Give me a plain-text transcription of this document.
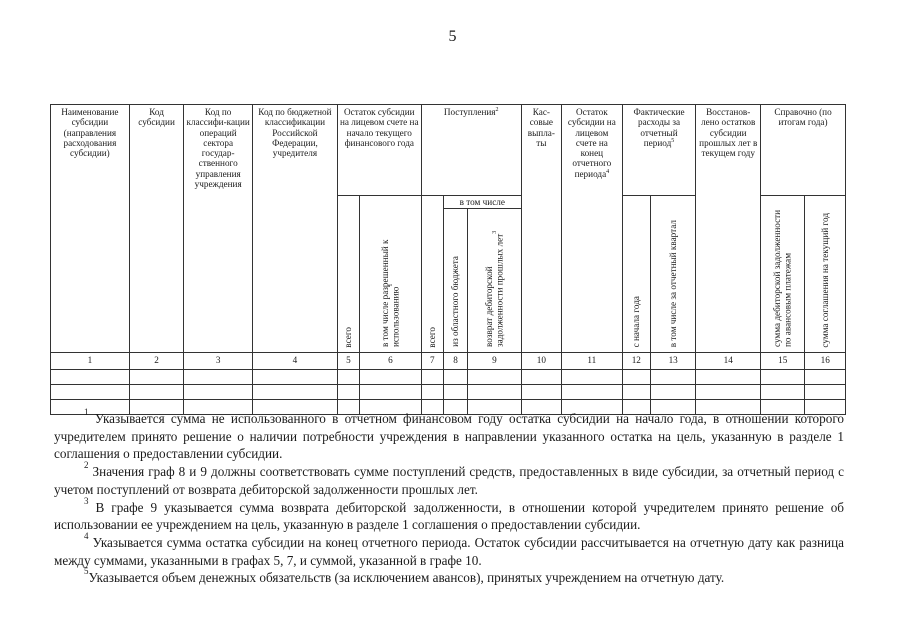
5
Наименование субсидии (направления расходования субсидии)	Код субсидии	Код по классифи-кации операций сектора государ-ственного управления учреждения	Код по бюджетной классификации Российской Федерации, учредителя	Остаток субсидии на лицевом счете на начало текущего финансового года		Поступления$^2$			Кас-совые выпла-ты	Остаток субсидии на лицевом счете на конец отчетного периода$^4$	Фактические расходы за отчетный период$^5$		Восстанов-лено остатков субсидии прошлых лет в текущем году	Справочно (по итогам года)	
				всего	в том числе разрешенный к использованию$^1$	всего	в том числе				с начала года	в том числе за отчетный квартал		сумма дебиторской задолженности по авансовым платежам	сумма соглашения на текущий год
							из областного бюджета	возврат дебиторской задолженности прошлых лет$^3$
1	2	3	4	5	6	7	8	9	10	11	12	13	14	15	16

$^1$ Указывается сумма не использованного в отчетном финансовом году остатка субсидии на начало года, в отношении которого учредителем принято решение о наличии потребности учреждения в направлении указанного остатка на цель, указанную в разделе 1 соглашения о предоставлении субсидии.

$^2$ Значения граф 8 и 9 должны соответствовать сумме поступлений средств, предоставленных в виде субсидии, за отчетный период с учетом поступлений от возврата дебиторской задолженности прошлых лет.

$^3$ В графе 9 указывается сумма возврата дебиторской задолженности, в отношении которой учредителем принято решение об использовании ее учреждением на цель, указанную в разделе 1 соглашения о предоставлении субсидии.

$^4$ Указывается сумма остатка субсидии на конец отчетного периода. Остаток субсидии рассчитывается на отчетную дату как разница между суммами, указанными в графах 5, 7, и суммой, указанной в графе 10.

$^5$Указывается объем денежных обязательств (за исключением авансов), принятых учреждением на отчетную дату.
